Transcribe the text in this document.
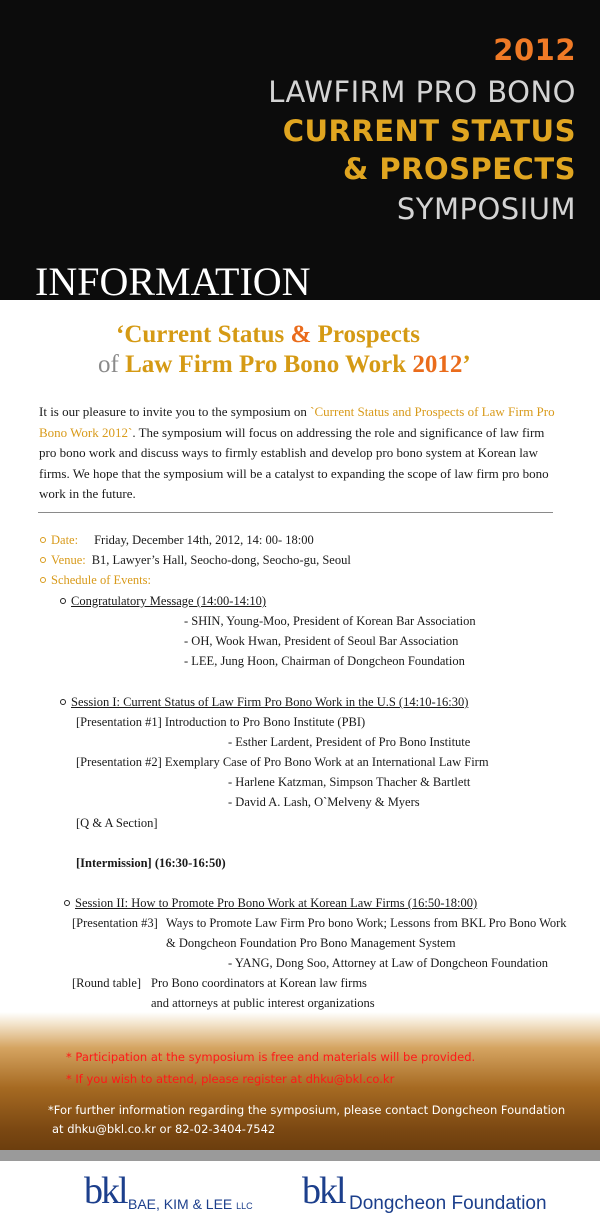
2012

LAWFIRM PRO BONO

CURRENT STATUS

& PROSPECTS

SYMPOSIUM

INFORMATION

‘Current Status & Prospects

of Law Firm Pro Bono Work 2012’

It is our pleasure to invite you to the symposium on `Current Status and Prospects of Law Firm Pro Bono Work 2012`. The symposium will focus on addressing the role and significance of law firm pro bono work and discuss ways to firmly establish and develop pro bono system at Korean law firms. We hope that the symposium will be a catalyst to expanding the scope of law firm pro bono work in the future.

Date: Friday, December 14th, 2012, 14: 00- 18:00

Venue: B1, Lawyer’s Hall, Seocho-dong, Seocho-gu, Seoul

Schedule of Events:

Congratulatory Message (14:00-14:10)

- SHIN, Young-Moo, President of Korean Bar Association

- OH, Wook Hwan, President of Seoul Bar Association

- LEE, Jung Hoon, Chairman of Dongcheon Foundation

Session I: Current Status of Law Firm Pro Bono Work in the U.S (14:10-16:30)

[Presentation #1] Introduction to Pro Bono Institute (PBI)

- Esther Lardent, President of Pro Bono Institute

[Presentation #2] Exemplary Case of Pro Bono Work at an International Law Firm

- Harlene Katzman, Simpson Thacher & Bartlett

- David A. Lash, O`Melveny & Myers

[Q & A Section]

[Intermission] (16:30-16:50)

Session II: How to Promote Pro Bono Work at Korean Law Firms (16:50-18:00)

[Presentation #3] Ways to Promote Law Firm Pro bono Work; Lessons from BKL Pro Bono Work

& Dongcheon Foundation Pro Bono Management System

- YANG, Dong Soo, Attorney at Law of Dongcheon Foundation

[Round table] Pro Bono coordinators at Korean law firms

and attorneys at public interest organizations

* Participation at the symposium is free and materials will be provided.

* If you wish to attend, please register at dhku@bkl.co.kr

*For further information regarding the symposium, please contact Dongcheon Foundation

at dhku@bkl.co.kr or 82-02-3404-7542

bkl BAE, KIM & LEE LLC bkl Dongcheon Foundation
